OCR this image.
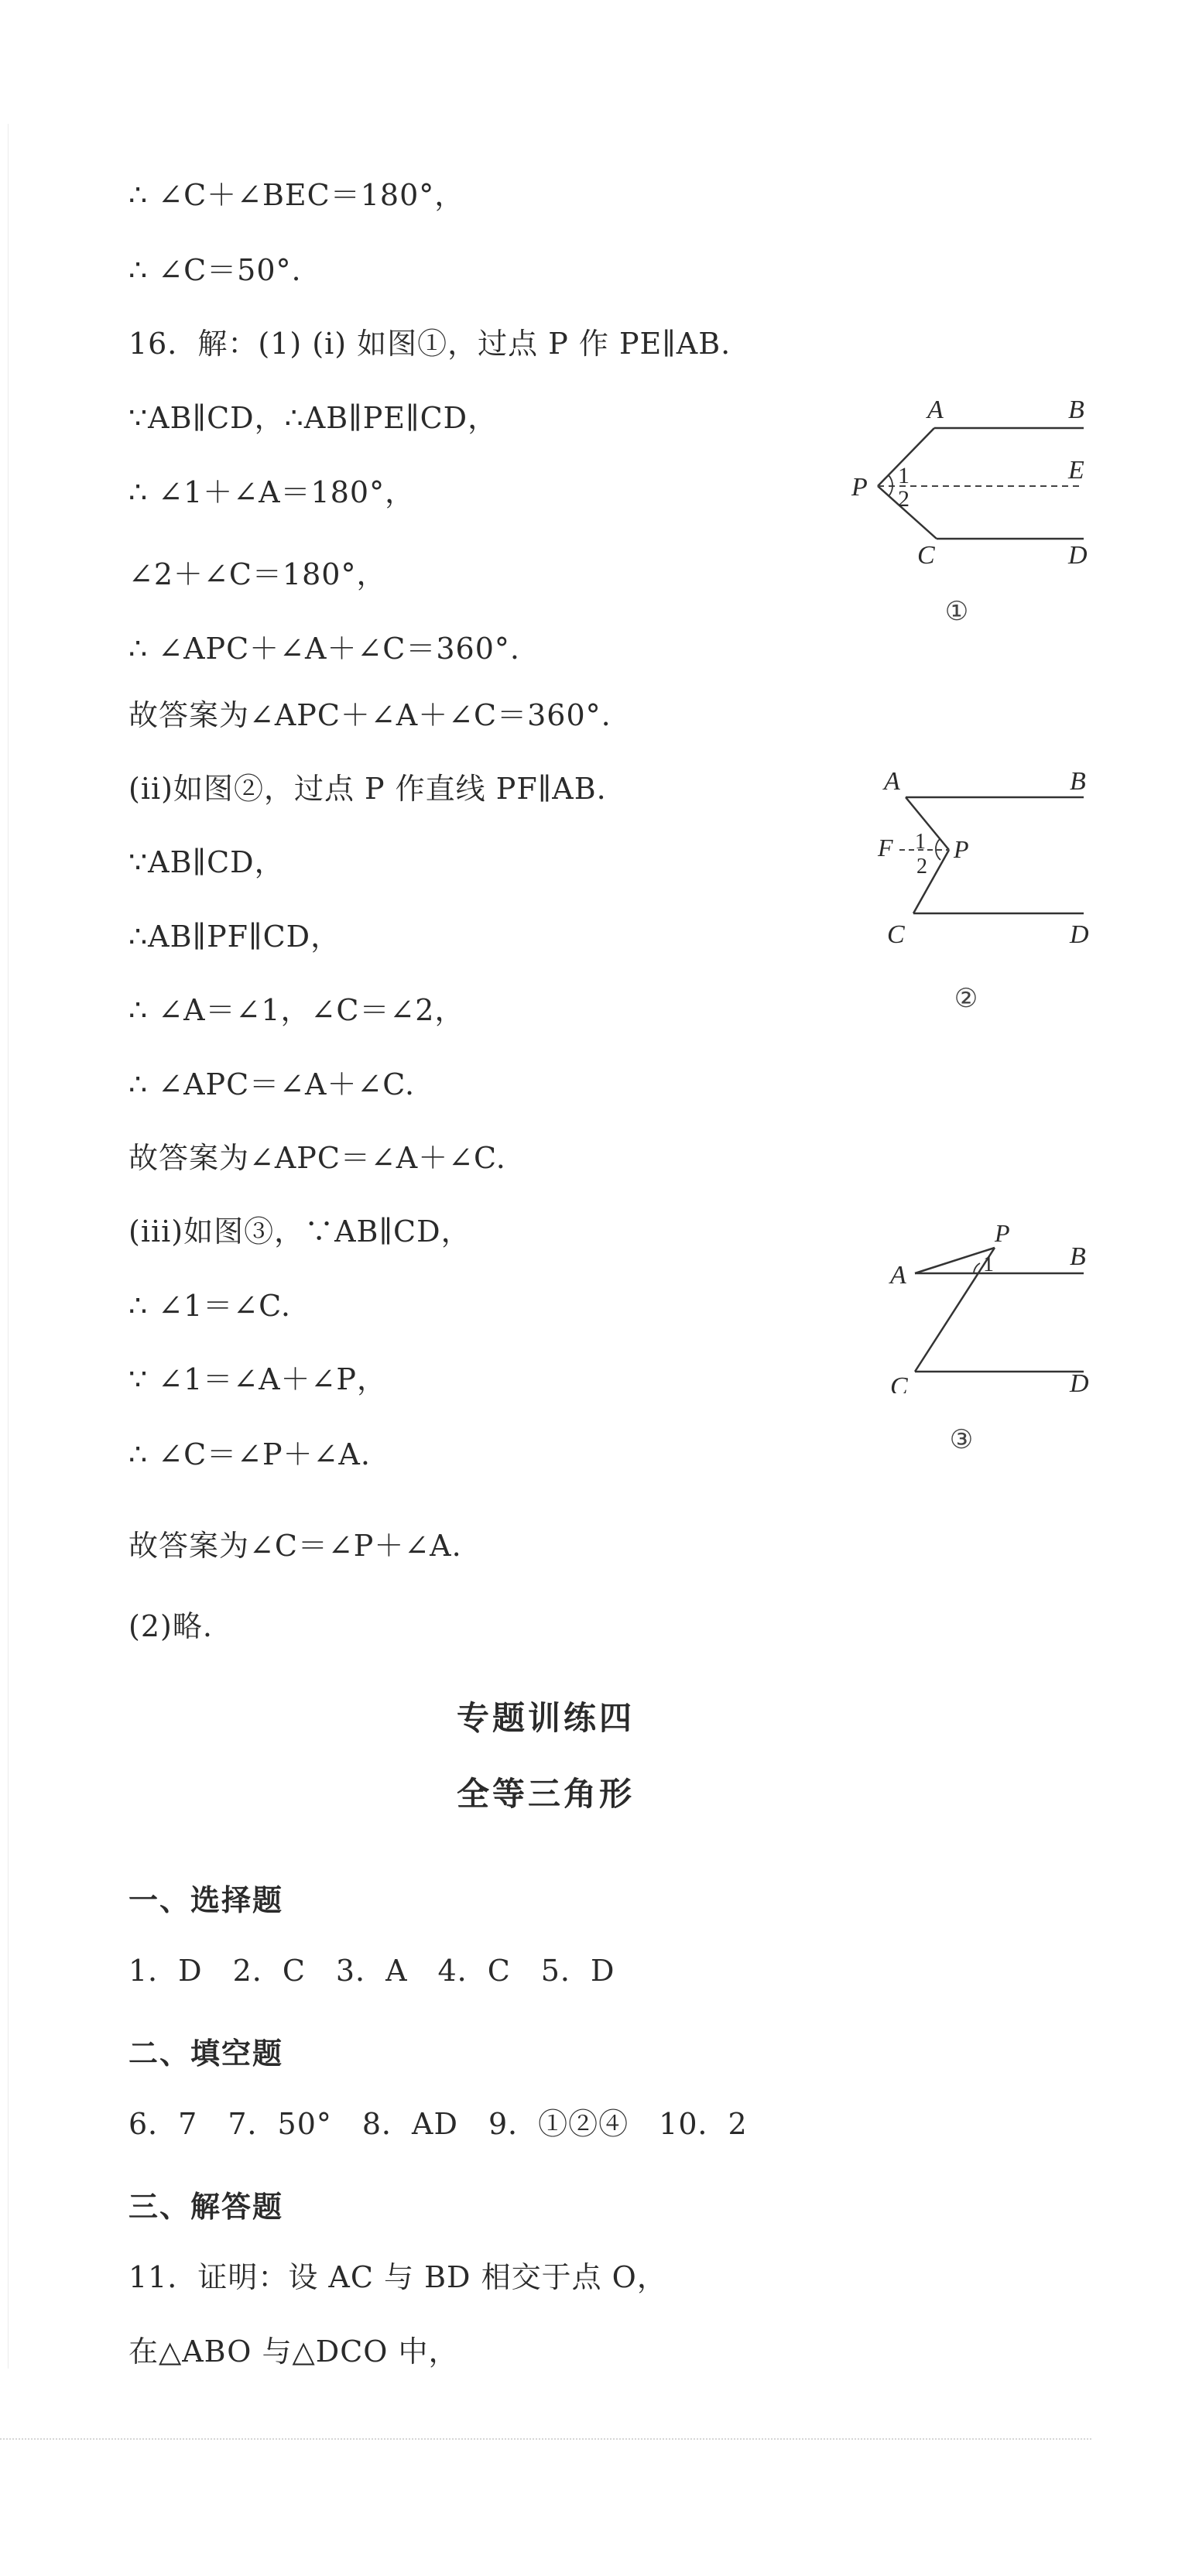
∴ ∠C＋∠BEC＝180°，
∴ ∠C＝50°.
16．解：(1) (i) 如图①，过点 P 作 PE∥AB.
∵AB∥CD，∴AB∥PE∥CD，
∴ ∠1＋∠A＝180°，
∠2＋∠C＝180°，
∴ ∠APC＋∠A＋∠C＝360°.
故答案为∠APC＋∠A＋∠C＝360°.
(ii)如图②，过点 P 作直线 PF∥AB.
∵AB∥CD，
∴AB∥PF∥CD，
∴ ∠A＝∠1，∠C＝∠2，
∴ ∠APC＝∠A＋∠C.
故答案为∠APC＝∠A＋∠C.
(iii)如图③，∵AB∥CD，
∴ ∠1＝∠C.
∵ ∠1＝∠A＋∠P，
∴ ∠C＝∠P＋∠A.
故答案为∠C＝∠P＋∠A.
(2)略.
A	B
E
P 1
2
C	D
①
A	B
F 1
2
P
C	D
②
P
A	1	B
C	D
③
专题训练四
全等三角形
一、选择题
1．D　2．C　3．A　4．C　5．D
二、填空题
6．7　7．50°　8．AD　9．①②④　10．2
三、解答题
11．证明：设 AC 与 BD 相交于点 O，
在△ABO 与△DCO 中，
